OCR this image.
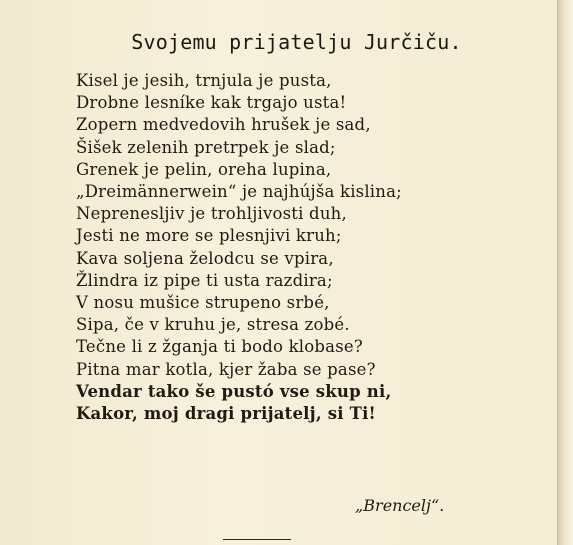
Svojemu prijatelju Jurčiču.
Kisel je jesih, trnjula je pusta,
Drobne lesníke kak trgajo usta!
Zopern medvedovih hrušek je sad,
Šišek zelenih pretrpek je slad;
Grenek je pelin, oreha lupina,
„Dreimännerwein“ je najhújša kislina;
Neprenesljiv je trohljivosti duh,
Jesti ne more se plesnjivi kruh;
Kava soljena želodcu se vpira,
Žlindra iz pipe ti usta razdira;
V nosu mušice strupeno srbé,
Sipa, če v kruhu je, stresa zobé.
Tečne li z žganja ti bodo klobase?
Pitna mar kotla, kjer žaba se pase?
Vendar tako še pustó vse skup ni,
Kakor, moj dragi prijatelj, si Ti!
„Brencelj“.
